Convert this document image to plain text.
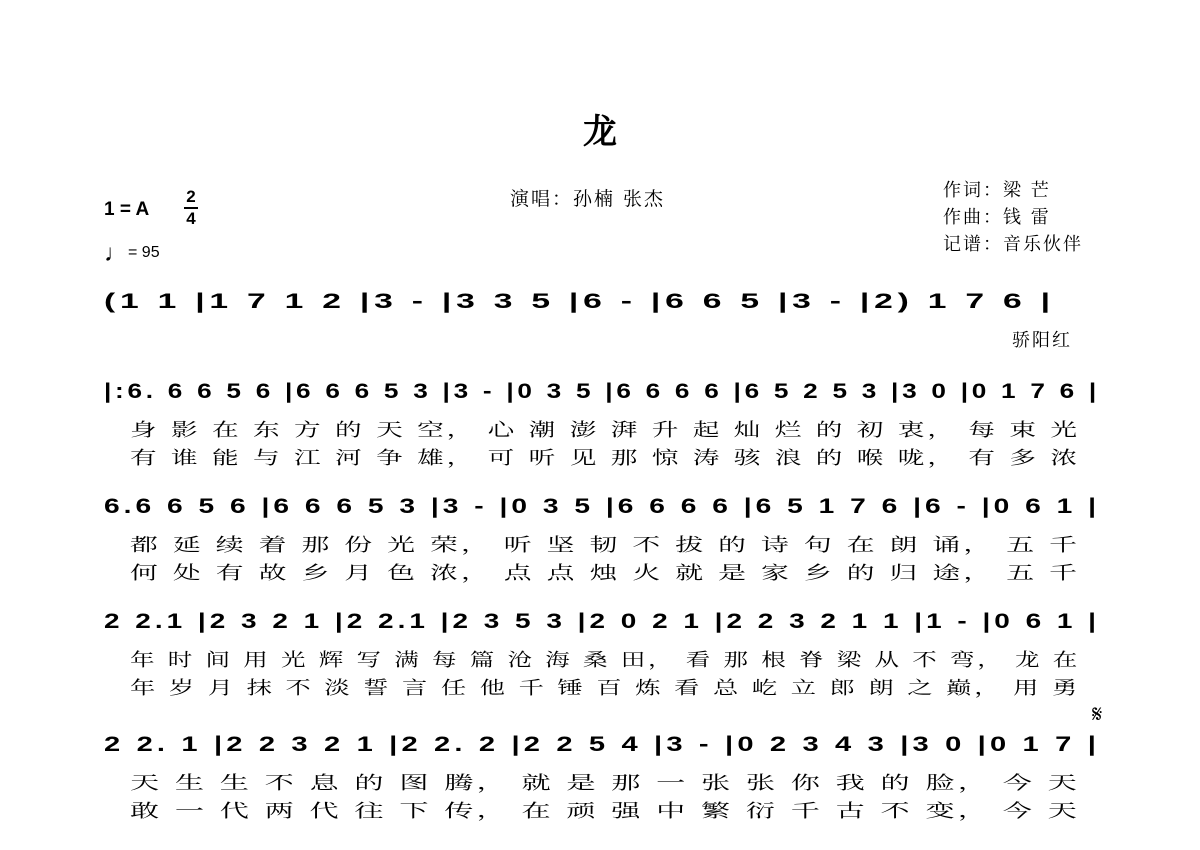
龙
演唱：孙楠 张杰	作词：梁 芒
作曲：钱 雷
记谱：音乐伙伴
1 = A
2
4
♩= 95
(1 1 |1 7 1 2 |3 - |3 3 5 |6 - |6 6 5 |3 - |2) 1 7 6 |
骄阳红
|:6. 6 6 5 6 |6 6 6 5 3 |3 - |0 3 5 |6 6 6 6 |6 5 2 5 3 |3 0 |0 1 7 6 |
身 影 在 东 方 的 天 空， 心 潮 澎 湃 升 起 灿 烂 的 初 衷， 每 束 光
有 谁 能 与 江 河 争 雄， 可 听 见 那 惊 涛 骇 浪 的 喉 咙， 有 多 浓
6.6 6 5 6 |6 6 6 5 3 |3 - |0 3 5 |6 6 6 6 |6 5 1 7 6 |6 - |0 6 1 |
都 延 续 着 那 份 光 荣， 听 坚 韧 不 拔 的 诗 句 在 朗 诵， 五 千
何 处 有 故 乡 月 色 浓， 点 点 烛 火 就 是 家 乡 的 归 途， 五 千
2 2.1 |2 3 2 1 |2 2.1 |2 3 5 3 |2 0 2 1 |2 2 3 2 1 1 |1 - |0 6 1 |
年 时 间 用 光 辉 写 满 每 篇 沧 海 桑 田， 看 那 根 脊 梁 从 不 弯， 龙 在
年 岁 月 抹 不 淡 誓 言 任 他 千 锤 百 炼 看 总 屹 立 郎 朗 之 巅， 用 勇
2 2. 1 |2 2 3 2 1 |2 2. 2 |2 2 5 4 |3 - |0 2 3 4 3 |3 0 |0 1 7 |
天 生 生 不 息 的 图 腾， 就 是 那 一 张 张 你 我 的 脸， 今 天
敢 一 代 两 代 往 下 传， 在 顽 强 中 繁 衍 千 古 不 变， 今 天
𝄋
